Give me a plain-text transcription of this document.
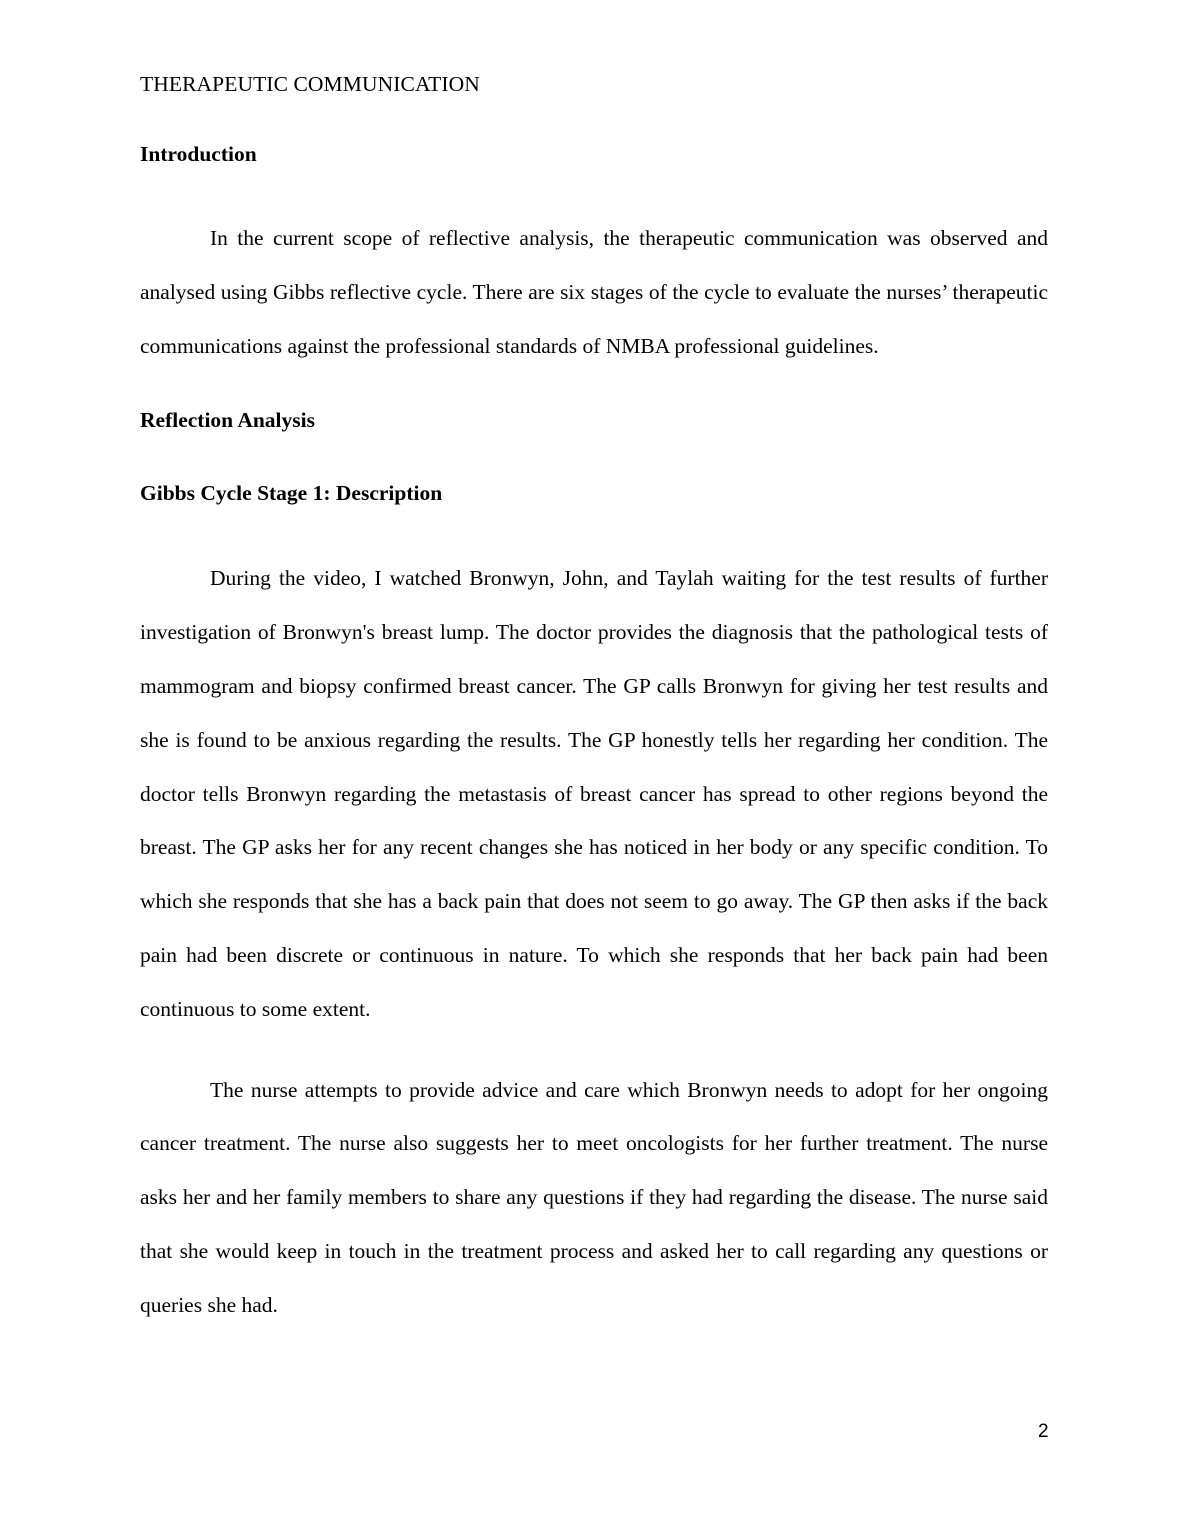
THERAPEUTIC COMMUNICATION
Introduction

In the current scope of reflective analysis, the therapeutic communication was observed and analysed using Gibbs reflective cycle. There are six stages of the cycle to evaluate the nurses’ therapeutic communications against the professional standards of NMBA professional guidelines.

Reflection Analysis
Gibbs Cycle Stage 1: Description

During the video, I watched Bronwyn, John, and Taylah waiting for the test results of further investigation of Bronwyn's breast lump. The doctor provides the diagnosis that the pathological tests of mammogram and biopsy confirmed breast cancer. The GP calls Bronwyn for giving her test results and she is found to be anxious regarding the results. The GP honestly tells her regarding her condition. The doctor tells Bronwyn regarding the metastasis of breast cancer has spread to other regions beyond the breast. The GP asks her for any recent changes she has noticed in her body or any specific condition. To which she responds that she has a back pain that does not seem to go away. The GP then asks if the back pain had been discrete or continuous in nature. To which she responds that her back pain had been continuous to some extent.

The nurse attempts to provide advice and care which Bronwyn needs to adopt for her ongoing cancer treatment. The nurse also suggests her to meet oncologists for her further treatment. The nurse asks her and her family members to share any questions if they had regarding the disease. The nurse said that she would keep in touch in the treatment process and asked her to call regarding any questions or queries she had.

2
